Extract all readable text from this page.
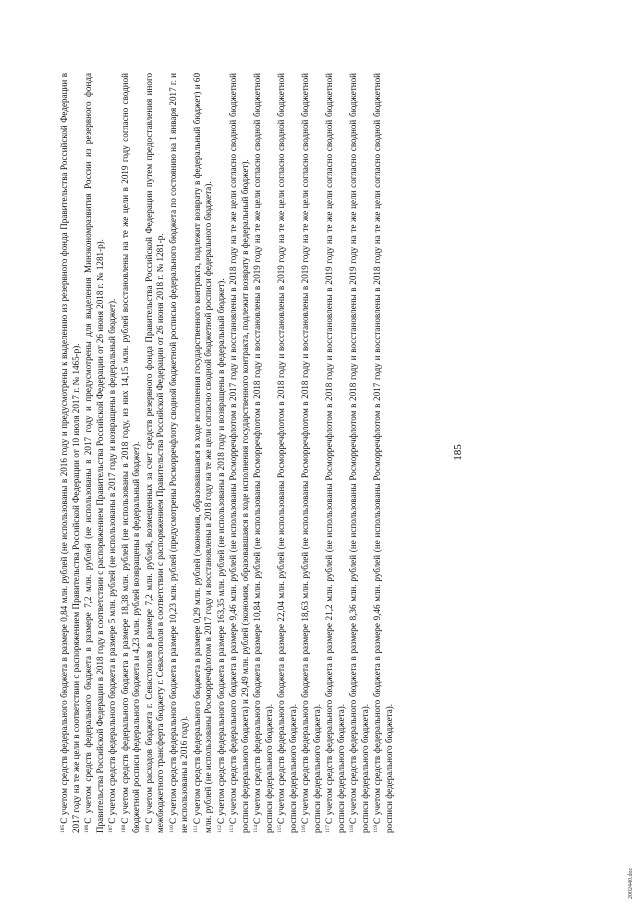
185

$^{105}$С учетом средств федерального бюджета в размере 0,84 млн. рублей (не использованы в 2016 году и предусмотрены к выделению из резервного фонда Правительства Российской Федерации в 2017 году на те же цели в соответствии с распоряжением Правительства Российской Федерации от 10 июля 2017 г. № 1465-р). $^{106}$С учетом средств федерального бюджета в размере 7,2 млн. рублей (не использованы в 2017 году и предусмотрены для выделения Минэкономразвития России из резервного фонда Правительства Российской Федерации в 2018 году в соответствии с распоряжением Правительства Российской Федерации от 26 июня 2018 г. № 1281-р). $^{107}$С учетом средств федерального бюджета в размере 5 млн. рублей (не использованы в 2017 году и возвращены в федеральный бюджет).

$^{108}$С учетом средств федерального бюджета в размере 18,38 млн. рублей (не использованы в 2018 году, из них 14,15 млн. рублей восстановлены на те же цели в 2019 году согласно сводной бюджетной росписи федерального бюджета и 4,23 млн. рублей возвращены в федеральный бюджет). $^{109}$С учетом расходов бюджета г. Севастополя в размере 7,2 млн. рублей, возмещенных за счет средств резервного фонда Правительства Российской Федерации путем предоставления иного межбюджетного трансферта бюджету г. Севастополя в соответствии с распоряжением Правительства Российской Федерации от 26 июня 2018 г. № 1281-р. $^{110}$С учетом средств федерального бюджета в размере 10,23 млн. рублей (предусмотрены Росморречфлоту сводной бюджетной росписью федерального бюджета по состоянию на 1 января 2017 г. и не использованы в 2016 году). $^{111}$С учетом средств федерального бюджета в размере 0,29 млн. рублей (экономия, образовавшаяся в ходе исполнения государственного контракта, подлежит возврату в федеральный бюджет) и 60 млн. рублей (не использованы Росморречфлотом в 2017 году и восстановлены в 2018 году на те же цели согласно сводной бюджетной росписи федерального бюджета). $^{112}$С учетом средств федерального бюджета в размере 163,35 млн. рублей (не использованы в 2018 году и возвращены в федеральный бюджет).

$^{113}$С учетом средств федерального бюджета в размере 9,46 млн. рублей (не использованы Росморречфлотом в 2017 году и восстановлены в 2018 году на те же цели согласно сводной бюджетной росписи федерального бюджета) и 29,49 млн. рублей (экономия, образовавшаяся в ходе исполнения государственного контракта, подлежит возврату в федеральный бюджет). $^{114}$С учетом средств федерального бюджета в размере 10,84 млн. рублей (не использованы Росморречфлотом в 2018 году и восстановлены в 2019 году на те же цели согласно сводной бюджетной росписи федерального бюджета). $^{115}$С учетом средств федерального бюджета в размере 22,04 млн. рублей (не использованы Росморречфлотом в 2018 году и восстановлены в 2019 году на те же цели согласно сводной бюджетной росписи федерального бюджета). $^{116}$С учетом средств федерального бюджета в размере 18,63 млн. рублей (не использованы Росморречфлотом в 2018 году и восстановлены в 2019 году на те же цели согласно сводной бюджетной росписи федерального бюджета). $^{117}$С учетом средств федерального бюджета в размере 21,2 млн. рублей (не использованы Росморречфлотом в 2018 году и восстановлены в 2019 году на те же цели согласно сводной бюджетной росписи федерального бюджета). $^{118}$С учетом средств федерального бюджета в размере 8,36 млн. рублей (не использованы Росморречфлотом в 2018 году и восстановлены в 2019 году на те же цели согласно сводной бюджетной росписи федерального бюджета). $^{119}$С учетом средств федерального бюджета в размере 9,46 млн. рублей (не использованы Росморречфлотом в 2017 году и восстановлены в 2018 году на те же цели согласно сводной бюджетной росписи федерального бюджета).

2002440.doc
